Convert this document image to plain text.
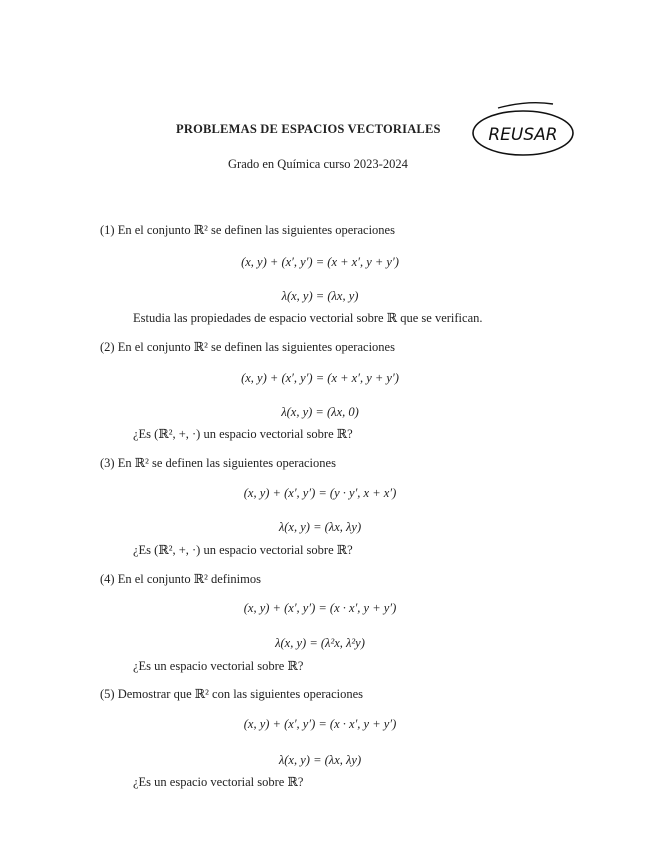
PROBLEMAS DE ESPACIOS VECTORIALES
Grado en Química curso 2023-2024
REUSAR
(1) En el conjunto ℝ² se definen las siguientes operaciones
(x, y) + (x′, y′) = (x + x′, y + y′)
λ(x, y) = (λx, y)
Estudia las propiedades de espacio vectorial sobre ℝ que se verifican.
(2) En el conjunto ℝ² se definen las siguientes operaciones
(x, y) + (x′, y′) = (x + x′, y + y′)
λ(x, y) = (λx, 0)
¿Es (ℝ², +, ·) un espacio vectorial sobre ℝ?
(3) En ℝ² se definen las siguientes operaciones
(x, y) + (x′, y′) = (y · y′, x + x′)
λ(x, y) = (λx, λy)
¿Es (ℝ², +, ·) un espacio vectorial sobre ℝ?
(4) En el conjunto ℝ² definimos
(x, y) + (x′, y′) = (x · x′, y + y′)
λ(x, y) = (λ²x, λ²y)
¿Es un espacio vectorial sobre ℝ?
(5) Demostrar que ℝ² con las siguientes operaciones
(x, y) + (x′, y′) = (x · x′, y + y′)
λ(x, y) = (λx, λy)
¿Es un espacio vectorial sobre ℝ?
